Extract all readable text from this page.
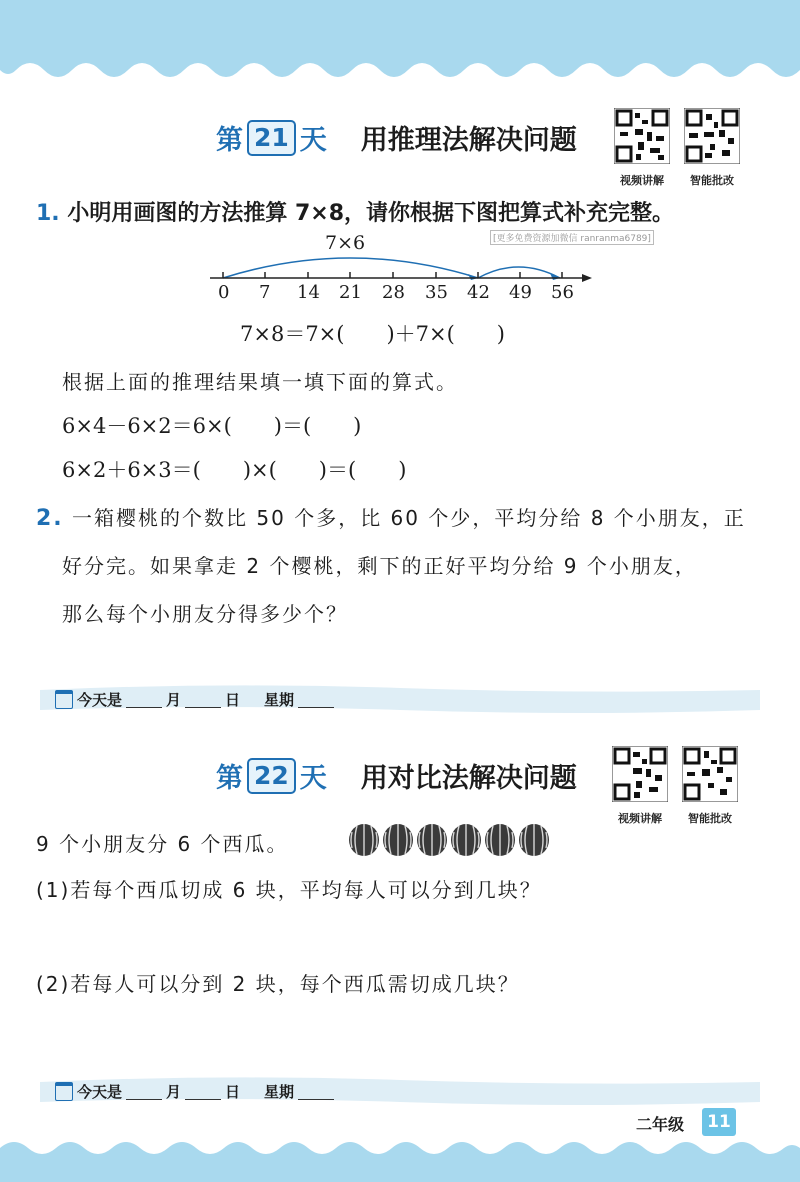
第 21 天 用推理法解决问题
视频讲解	智能批改
1. 小明用画图的方法推算 7×8，请你根据下图把算式补充完整。
[更多免费资源加微信 ranranma6789]
7×6
0 7 14 21 28 35 42 49 56
7×8＝7×(　　)＋7×(　　)
根据上面的推理结果填一填下面的算式。
6×4－6×2＝6×(　　)＝(　　)
6×2＋6×3＝(　　)×(　　)＝(　　)
2. 一箱樱桃的个数比 50 个多，比 60 个少，平均分给 8 个小朋友，正
好分完。如果拿走 2 个樱桃，剩下的正好平均分给 9 个小朋友，
那么每个小朋友分得多少个？
今天是	月	日 星期
第 22 天 用对比法解决问题
视频讲解	智能批改
9 个小朋友分 6 个西瓜。
(1)若每个西瓜切成 6 块，平均每人可以分到几块？
(2)若每人可以分到 2 块，每个西瓜需切成几块？
今天是	月	日 星期
二年级	11
